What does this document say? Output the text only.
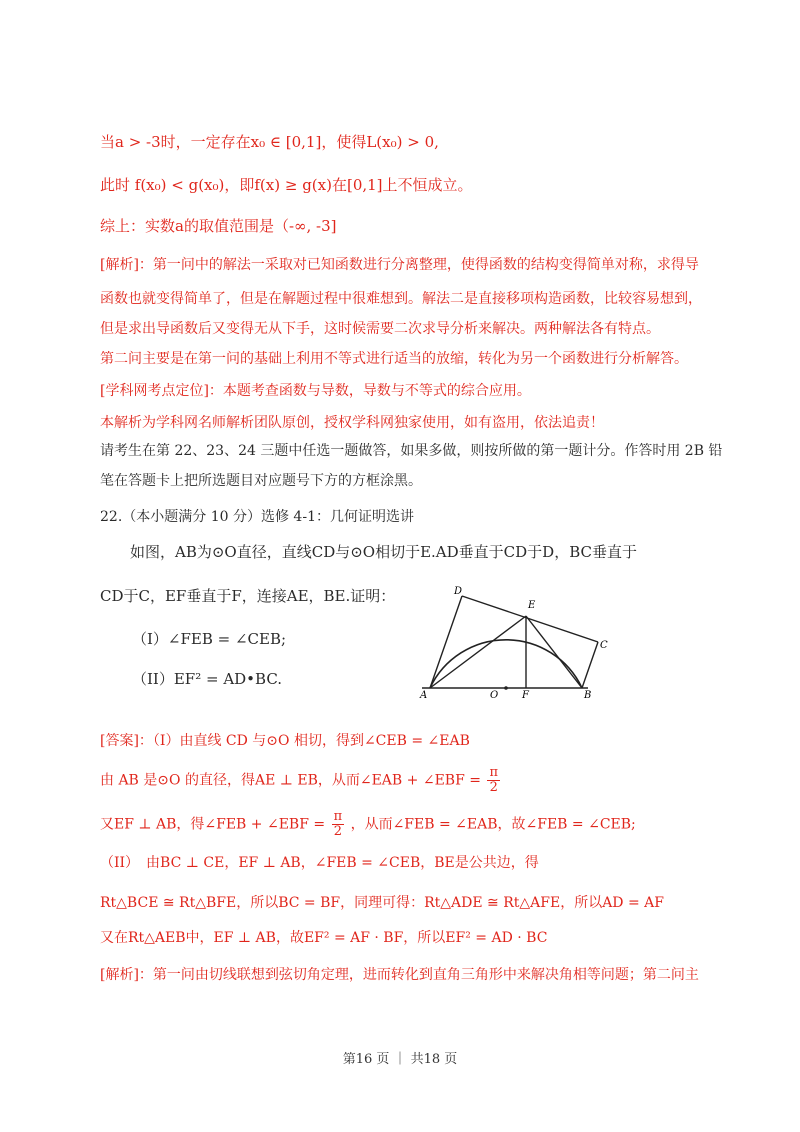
当a > -3时，一定存在x₀ ∈ [0,1]，使得L(x₀) > 0,
此时 f(x₀) < g(x₀)，即f(x) ≥ g(x)在[0,1]上不恒成立。
综上：实数a的取值范围是（-∞, -3]
[解析]：第一问中的解法一采取对已知函数进行分离整理，使得函数的结构变得简单对称，求得导
函数也就变得简单了，但是在解题过程中很难想到。解法二是直接移项构造函数，比较容易想到，
但是求出导函数后又变得无从下手，这时候需要二次求导分析来解决。两种解法各有特点。
第二问主要是在第一问的基础上利用不等式进行适当的放缩，转化为另一个函数进行分析解答。
[学科网考点定位]：本题考查函数与导数，导数与不等式的综合应用。
本解析为学科网名师解析团队原创，授权学科网独家使用，如有盗用，依法追责！
请考生在第 22、23、24 三题中任选一题做答，如果多做，则按所做的第一题计分。作答时用 2B 铅
笔在答题卡上把所选题目对应题号下方的方框涂黑。
22.（本小题满分 10 分）选修 4-1：几何证明选讲
如图，AB为⊙O直径，直线CD与⊙O相切于E.AD垂直于CD于D，BC垂直于
CD于C，EF垂直于F，连接AE，BE.证明：
（I）∠FEB = ∠CEB;
（II）EF² = AD•BC.
D
E
C
A	O F	B
[答案]：（I）由直线 CD 与⊙O 相切，得到∠CEB = ∠EAB
由 AB 是⊙O 的直径，得AE ⊥ EB，从而∠EAB + ∠EBF = $\frac{\pi}{2}$
又EF ⊥ AB，得∠FEB + ∠EBF = $\frac{\pi}{2}$ ，从而∠FEB = ∠EAB，故∠FEB = ∠CEB;
（II）　由BC ⊥ CE，EF ⊥ AB，∠FEB = ∠CEB，BE是公共边，得
Rt△BCE ≅ Rt△BFE，所以BC = BF，同理可得：Rt△ADE ≅ Rt△AFE，所以AD = AF
又在Rt△AEB中，EF ⊥ AB，故EF² = AF · BF，所以EF² = AD · BC
[解析]：第一问由切线联想到弦切角定理，进而转化到直角三角形中来解决角相等问题；第二问主
第16 页 ｜ 共18 页
